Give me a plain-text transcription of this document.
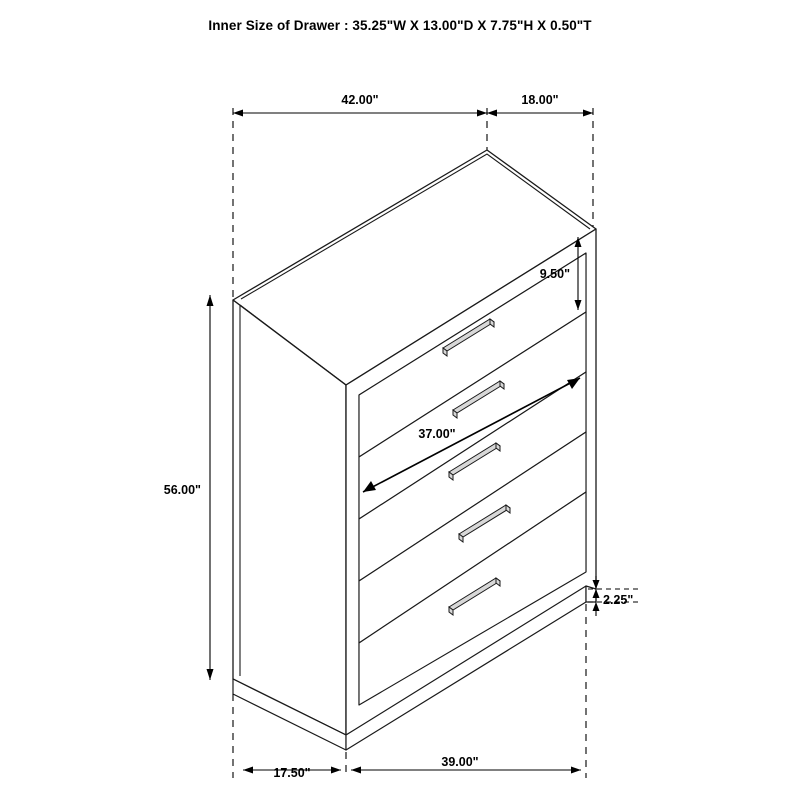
Inner Size of Drawer : 35.25"W X 13.00"D X 7.75"H X 0.50"T
42.00"	18.00"
9.50"
37.00"
56.00"
2.25"
17.50"
39.00"
